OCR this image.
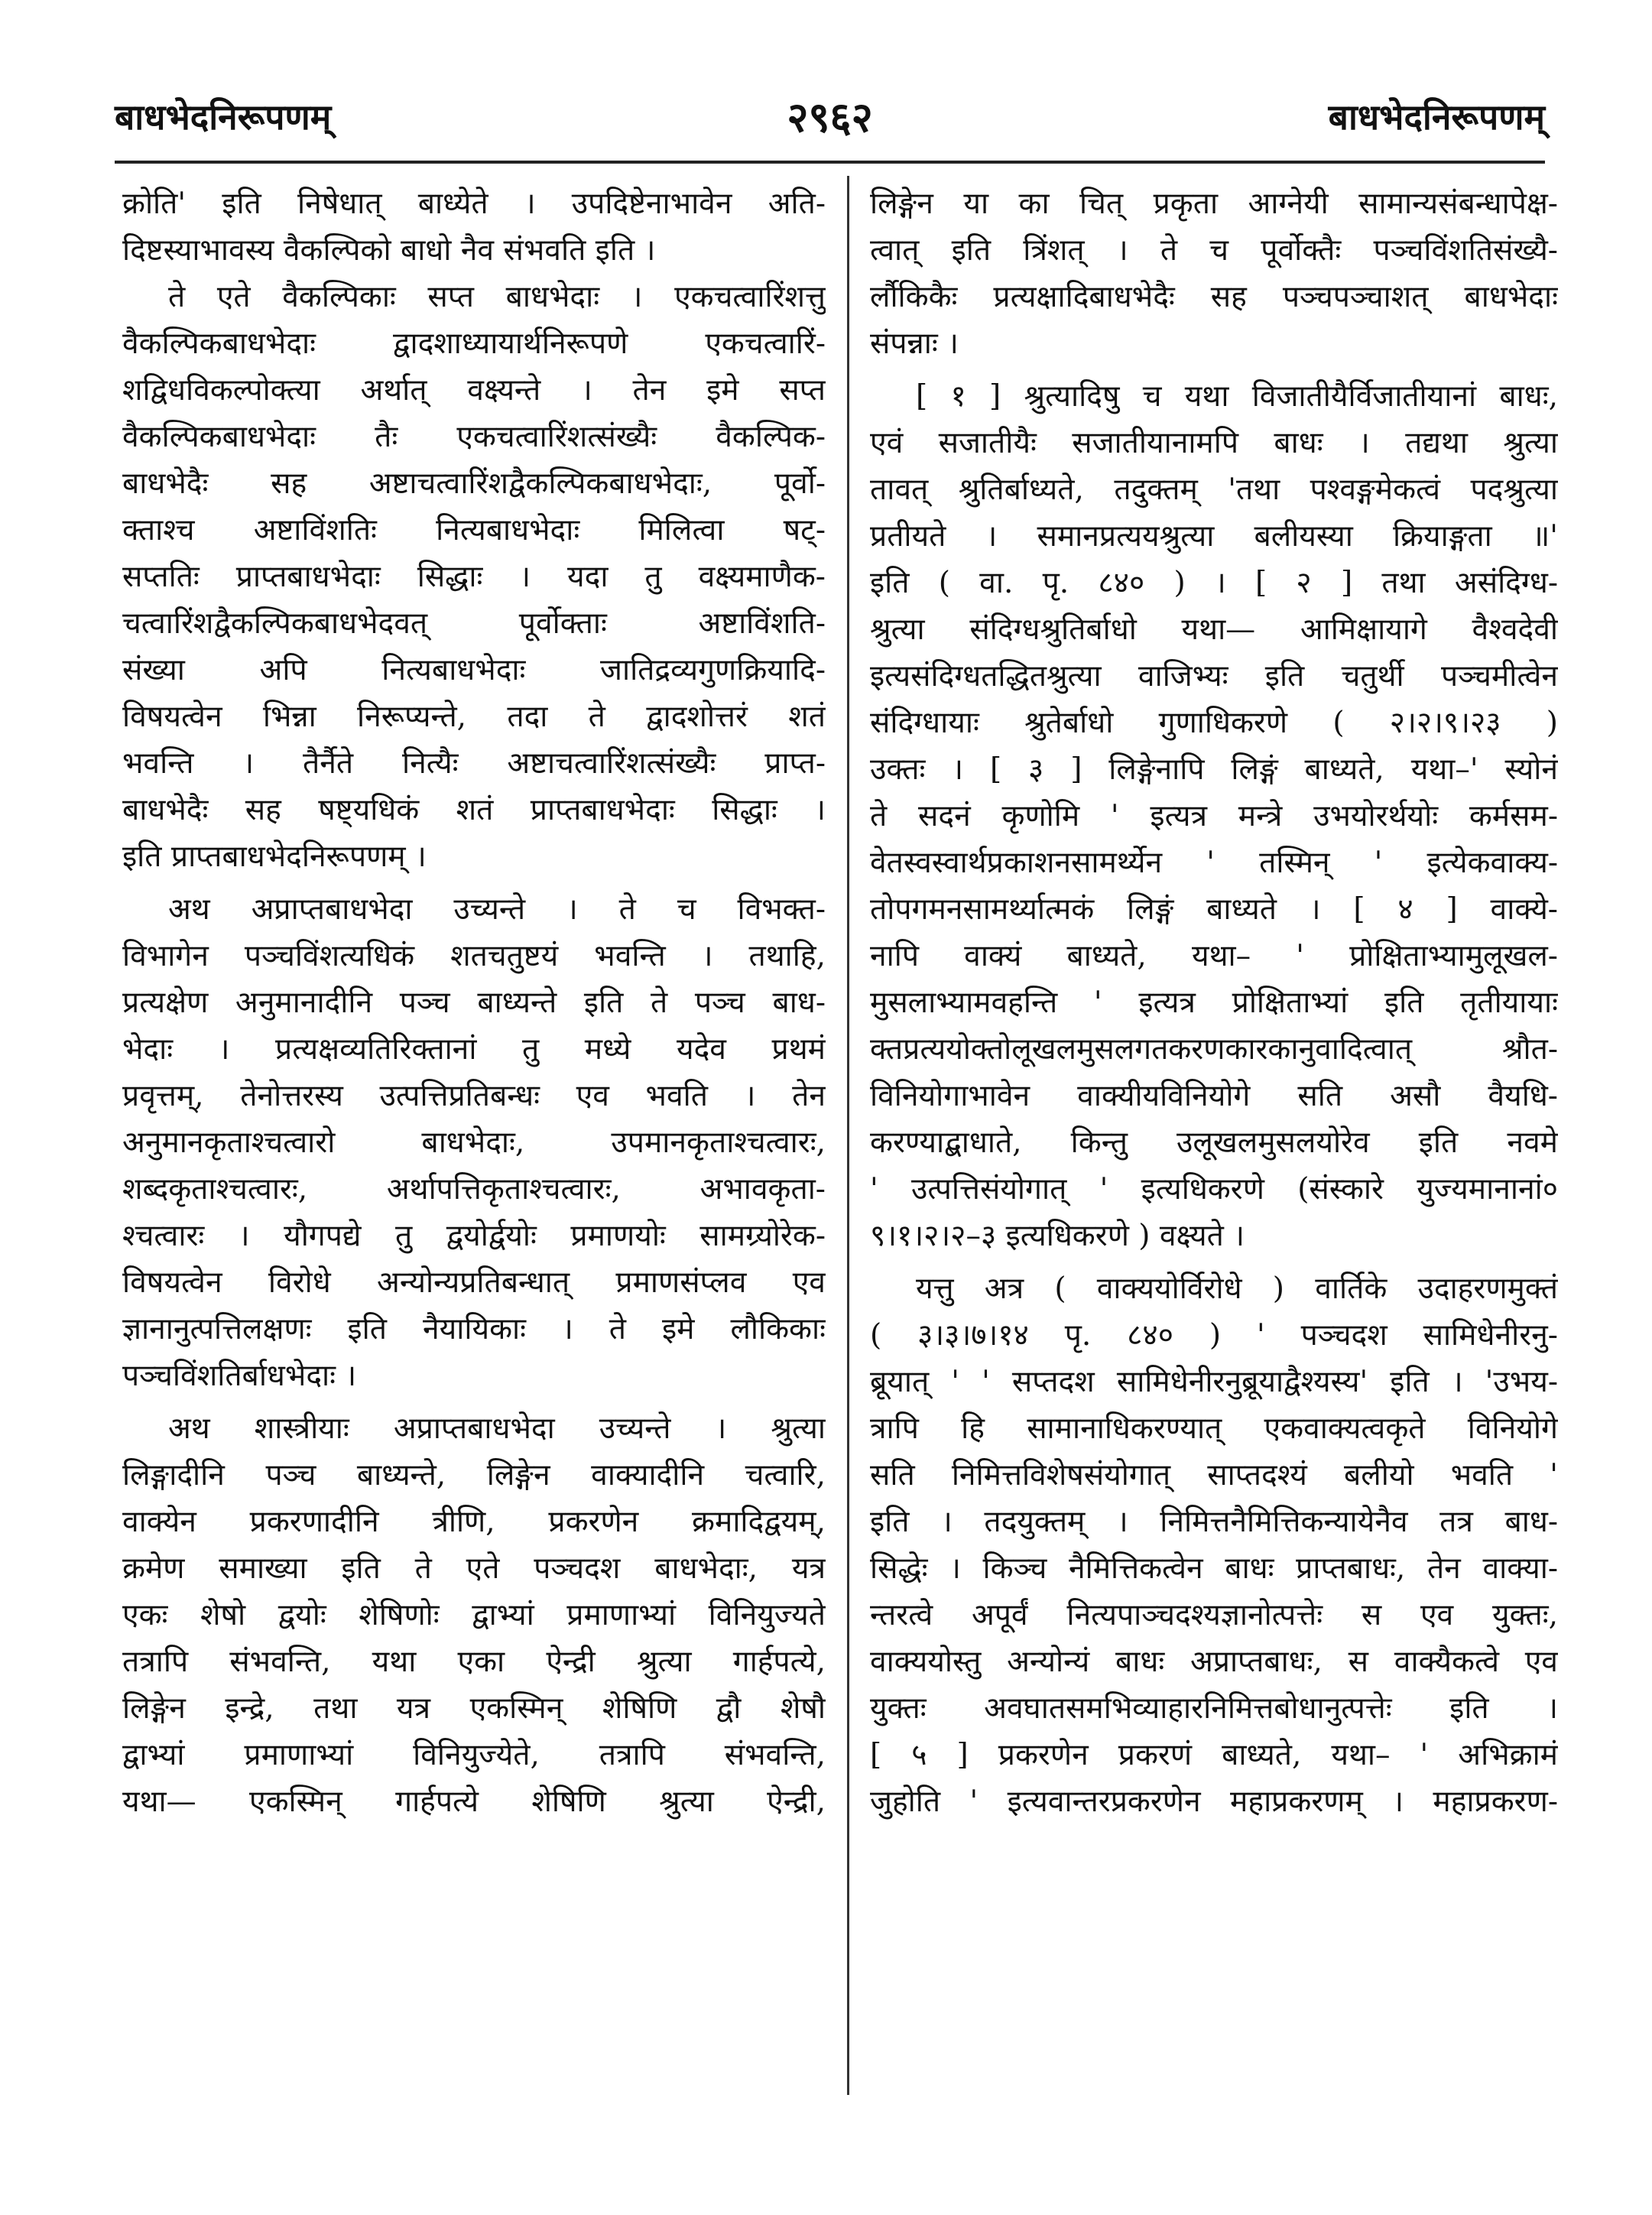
बाधभेदनिरूपणम्	२९६२	बाधभेदनिरूपणम्
क्रोति' इति निषेधात् बाध्येते । उपदिष्टेनाभावेन अति-
दिष्टस्याभावस्य वैकल्पिको बाधो नैव संभवति इति ।
ते एते वैकल्पिकाः सप्त बाधभेदाः । एकचत्वारिंशत्तु
वैकल्पिकबाधभेदाः द्वादशाध्यायार्थनिरूपणे एकचत्वारिं-
शद्विधविकल्पोक्त्या अर्थात् वक्ष्यन्ते । तेन इमे सप्त
वैकल्पिकबाधभेदाः तैः एकचत्वारिंशत्संख्यैः वैकल्पिक-
बाधभेदैः सह अष्टाचत्वारिंशद्वैकल्पिकबाधभेदाः, पूर्वो-
क्ताश्च अष्टाविंशतिः नित्यबाधभेदाः मिलित्वा षट्-
सप्ततिः प्राप्तबाधभेदाः सिद्धाः । यदा तु वक्ष्यमाणैक-
चत्वारिंशद्वैकल्पिकबाधभेदवत् पूर्वोक्ताः अष्टाविंशति-
संख्या अपि नित्यबाधभेदाः जातिद्रव्यगुणक्रियादि-
विषयत्वेन भिन्ना निरूप्यन्ते, तदा ते द्वादशोत्तरं शतं
भवन्ति । तैर्नैते नित्यैः अष्टाचत्वारिंशत्संख्यैः प्राप्त-
बाधभेदैः सह षष्ट्यधिकं शतं प्राप्तबाधभेदाः सिद्धाः ।
इति प्राप्तबाधभेदनिरूपणम् ।
अथ अप्राप्तबाधभेदा उच्यन्ते । ते च विभक्त-
विभागेन पञ्चविंशत्यधिकं शतचतुष्टयं भवन्ति । तथाहि,
प्रत्यक्षेण अनुमानादीनि पञ्च बाध्यन्ते इति ते पञ्च बाध-
भेदाः । प्रत्यक्षव्यतिरिक्तानां तु मध्ये यदेव प्रथमं
प्रवृत्तम्, तेनोत्तरस्य उत्पत्तिप्रतिबन्धः एव भवति । तेन
अनुमानकृताश्चत्वारो बाधभेदाः, उपमानकृताश्चत्वारः,
शब्दकृताश्चत्वारः, अर्थापत्तिकृताश्चत्वारः, अभावकृता-
श्चत्वारः । यौगपद्ये तु द्वयोर्द्वयोः प्रमाणयोः सामग्र्योरेक-
विषयत्वेन विरोधे अन्योन्यप्रतिबन्धात् प्रमाणसंप्लव एव
ज्ञानानुत्पत्तिलक्षणः इति नैयायिकाः । ते इमे लौकिकाः
पञ्चविंशतिर्बाधभेदाः ।
अथ शास्त्रीयाः अप्राप्तबाधभेदा उच्यन्ते । श्रुत्या
लिङ्गादीनि पञ्च बाध्यन्ते, लिङ्गेन वाक्यादीनि चत्वारि,
वाक्येन प्रकरणादीनि त्रीणि, प्रकरणेन क्रमादिद्वयम्,
क्रमेण समाख्या इति ते एते पञ्चदश बाधभेदाः, यत्र
एकः शेषो द्वयोः शेषिणोः द्वाभ्यां प्रमाणाभ्यां विनियुज्यते
तत्रापि संभवन्ति, यथा एका ऐन्द्री श्रुत्या गार्हपत्ये,
लिङ्गेन इन्द्रे, तथा यत्र एकस्मिन् शेषिणि द्वौ शेषौ
द्वाभ्यां प्रमाणाभ्यां विनियुज्येते, तत्रापि संभवन्ति,
यथा— एकस्मिन् गार्हपत्ये शेषिणि श्रुत्या ऐन्द्री,
लिङ्गेन या का चित् प्रकृता आग्नेयी सामान्यसंबन्धापेक्ष-
त्वात् इति त्रिंशत् । ते च पूर्वोक्तैः पञ्चविंशतिसंख्यै-
र्लौकिकैः प्रत्यक्षादिबाधभेदैः सह पञ्चपञ्चाशत् बाधभेदाः
संपन्नाः ।
[ १ ] श्रुत्यादिषु च यथा विजातीयैर्विजातीयानां बाधः,
एवं सजातीयैः सजातीयानामपि बाधः । तद्यथा श्रुत्या
तावत् श्रुतिर्बाध्यते, तदुक्तम् 'तथा पश्वङ्गमेकत्वं पदश्रुत्या
प्रतीयते । समानप्रत्ययश्रुत्या बलीयस्या क्रियाङ्गता ॥'
इति ( वा. पृ. ८४० ) । [ २ ] तथा असंदिग्ध-
श्रुत्या संदिग्धश्रुतिर्बाधो यथा— आमिक्षायागे वैश्वदेवी
इत्यसंदिग्धतद्धितश्रुत्या वाजिभ्यः इति चतुर्थी पञ्चमीत्वेन
संदिग्धायाः श्रुतेर्बाधो गुणाधिकरणे ( २।२।९।२३ )
उक्तः । [ ३ ] लिङ्गेनापि लिङ्गं बाध्यते, यथा–' स्योनं
ते सदनं कृणोमि ' इत्यत्र मन्त्रे उभयोरर्थयोः कर्मसम-
वेतस्वस्वार्थप्रकाशनसामर्थ्येन ' तस्मिन् ' इत्येकवाक्य-
तोपगमनसामर्थ्यात्मकं लिङ्गं बाध्यते । [ ४ ] वाक्ये-
नापि वाक्यं बाध्यते, यथा– ' प्रोक्षिताभ्यामुलूखल-
मुसलाभ्यामवहन्ति ' इत्यत्र प्रोक्षिताभ्यां इति तृतीयायाः
क्तप्रत्ययोक्तोलूखलमुसलगतकरणकारकानुवादित्वात् श्रौत-
विनियोगाभावेन वाक्यीयविनियोगे सति असौ वैयधि-
करण्याद्बाधाते, किन्तु उलूखलमुसलयोरेव इति नवमे
' उत्पत्तिसंयोगात् ' इत्यधिकरणे (संस्कारे युज्यमानानां०
९।१।२।२–३ इत्यधिकरणे ) वक्ष्यते ।
यत्तु अत्र ( वाक्ययोर्विरोधे ) वार्तिके उदाहरणमुक्तं
( ३।३।७।१४ पृ. ८४० ) ' पञ्चदश सामिधेनीरनु-
ब्रूयात् ' ' सप्तदश सामिधेनीरनुब्रूयाद्वैश्यस्य' इति । 'उभय-
त्रापि हि सामानाधिकरण्यात् एकवाक्यत्वकृते विनियोगे
सति निमित्तविशेषसंयोगात् साप्तदश्यं बलीयो भवति '
इति । तदयुक्तम् । निमित्तनैमित्तिकन्यायेनैव तत्र बाध-
सिद्धेः । किञ्च नैमित्तिकत्वेन बाधः प्राप्तबाधः, तेन वाक्या-
न्तरत्वे अपूर्वं नित्यपाञ्चदश्यज्ञानोत्पत्तेः स एव युक्तः,
वाक्ययोस्तु अन्योन्यं बाधः अप्राप्तबाधः, स वाक्यैकत्वे एव
युक्तः अवघातसमभिव्याहारनिमित्तबोधानुत्पत्तेः इति ।
[ ५ ] प्रकरणेन प्रकरणं बाध्यते, यथा– ' अभिक्रामं
जुहोति ' इत्यवान्तरप्रकरणेन महाप्रकरणम् । महाप्रकरण-
